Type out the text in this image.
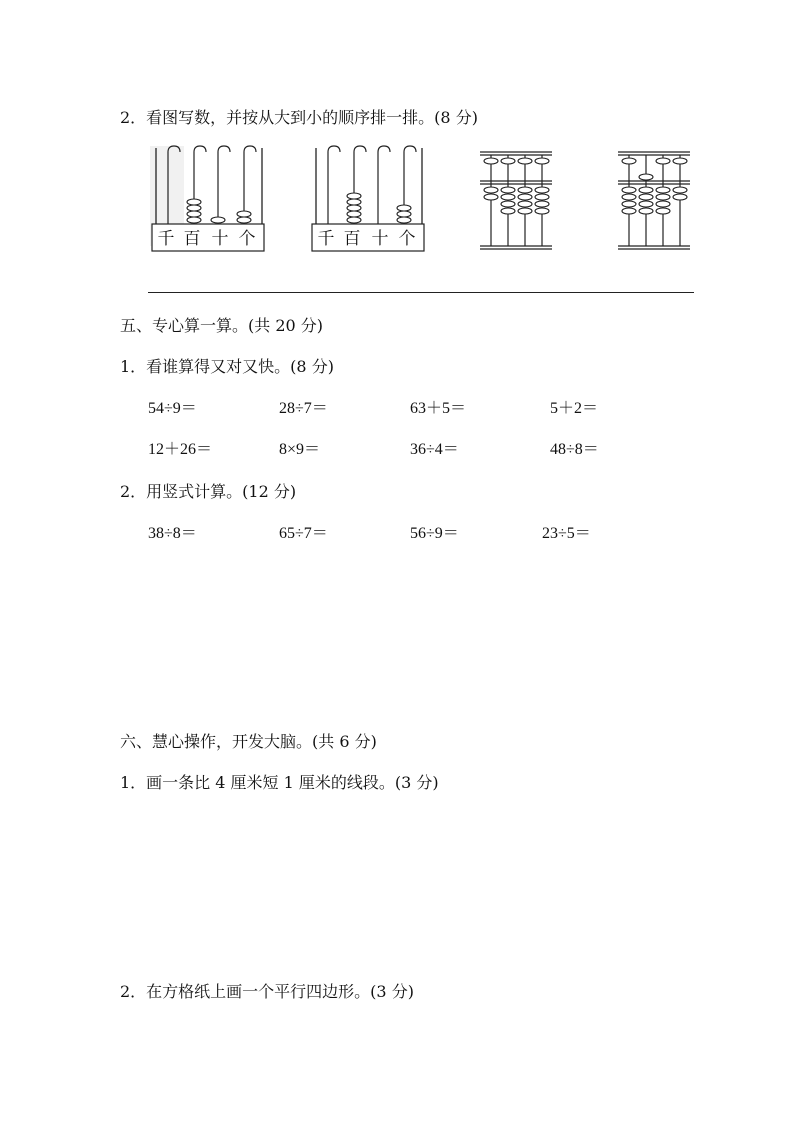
2．看图写数，并按从大到小的顺序排一排。(8 分)
千 百 十 个	千 百 十 个
五、专心算一算。(共 20 分)
1．看谁算得又对又快。(8 分)
54÷9＝	28÷7＝	63＋5＝	5＋2＝
12＋26＝	8×9＝	36÷4＝	48÷8＝
2．用竖式计算。(12 分)
38÷8＝	65÷7＝	56÷9＝	23÷5＝
六、慧心操作，开发大脑。(共 6 分)
1．画一条比 4 厘米短 1 厘米的线段。(3 分)
2．在方格纸上画一个平行四边形。(3 分)
